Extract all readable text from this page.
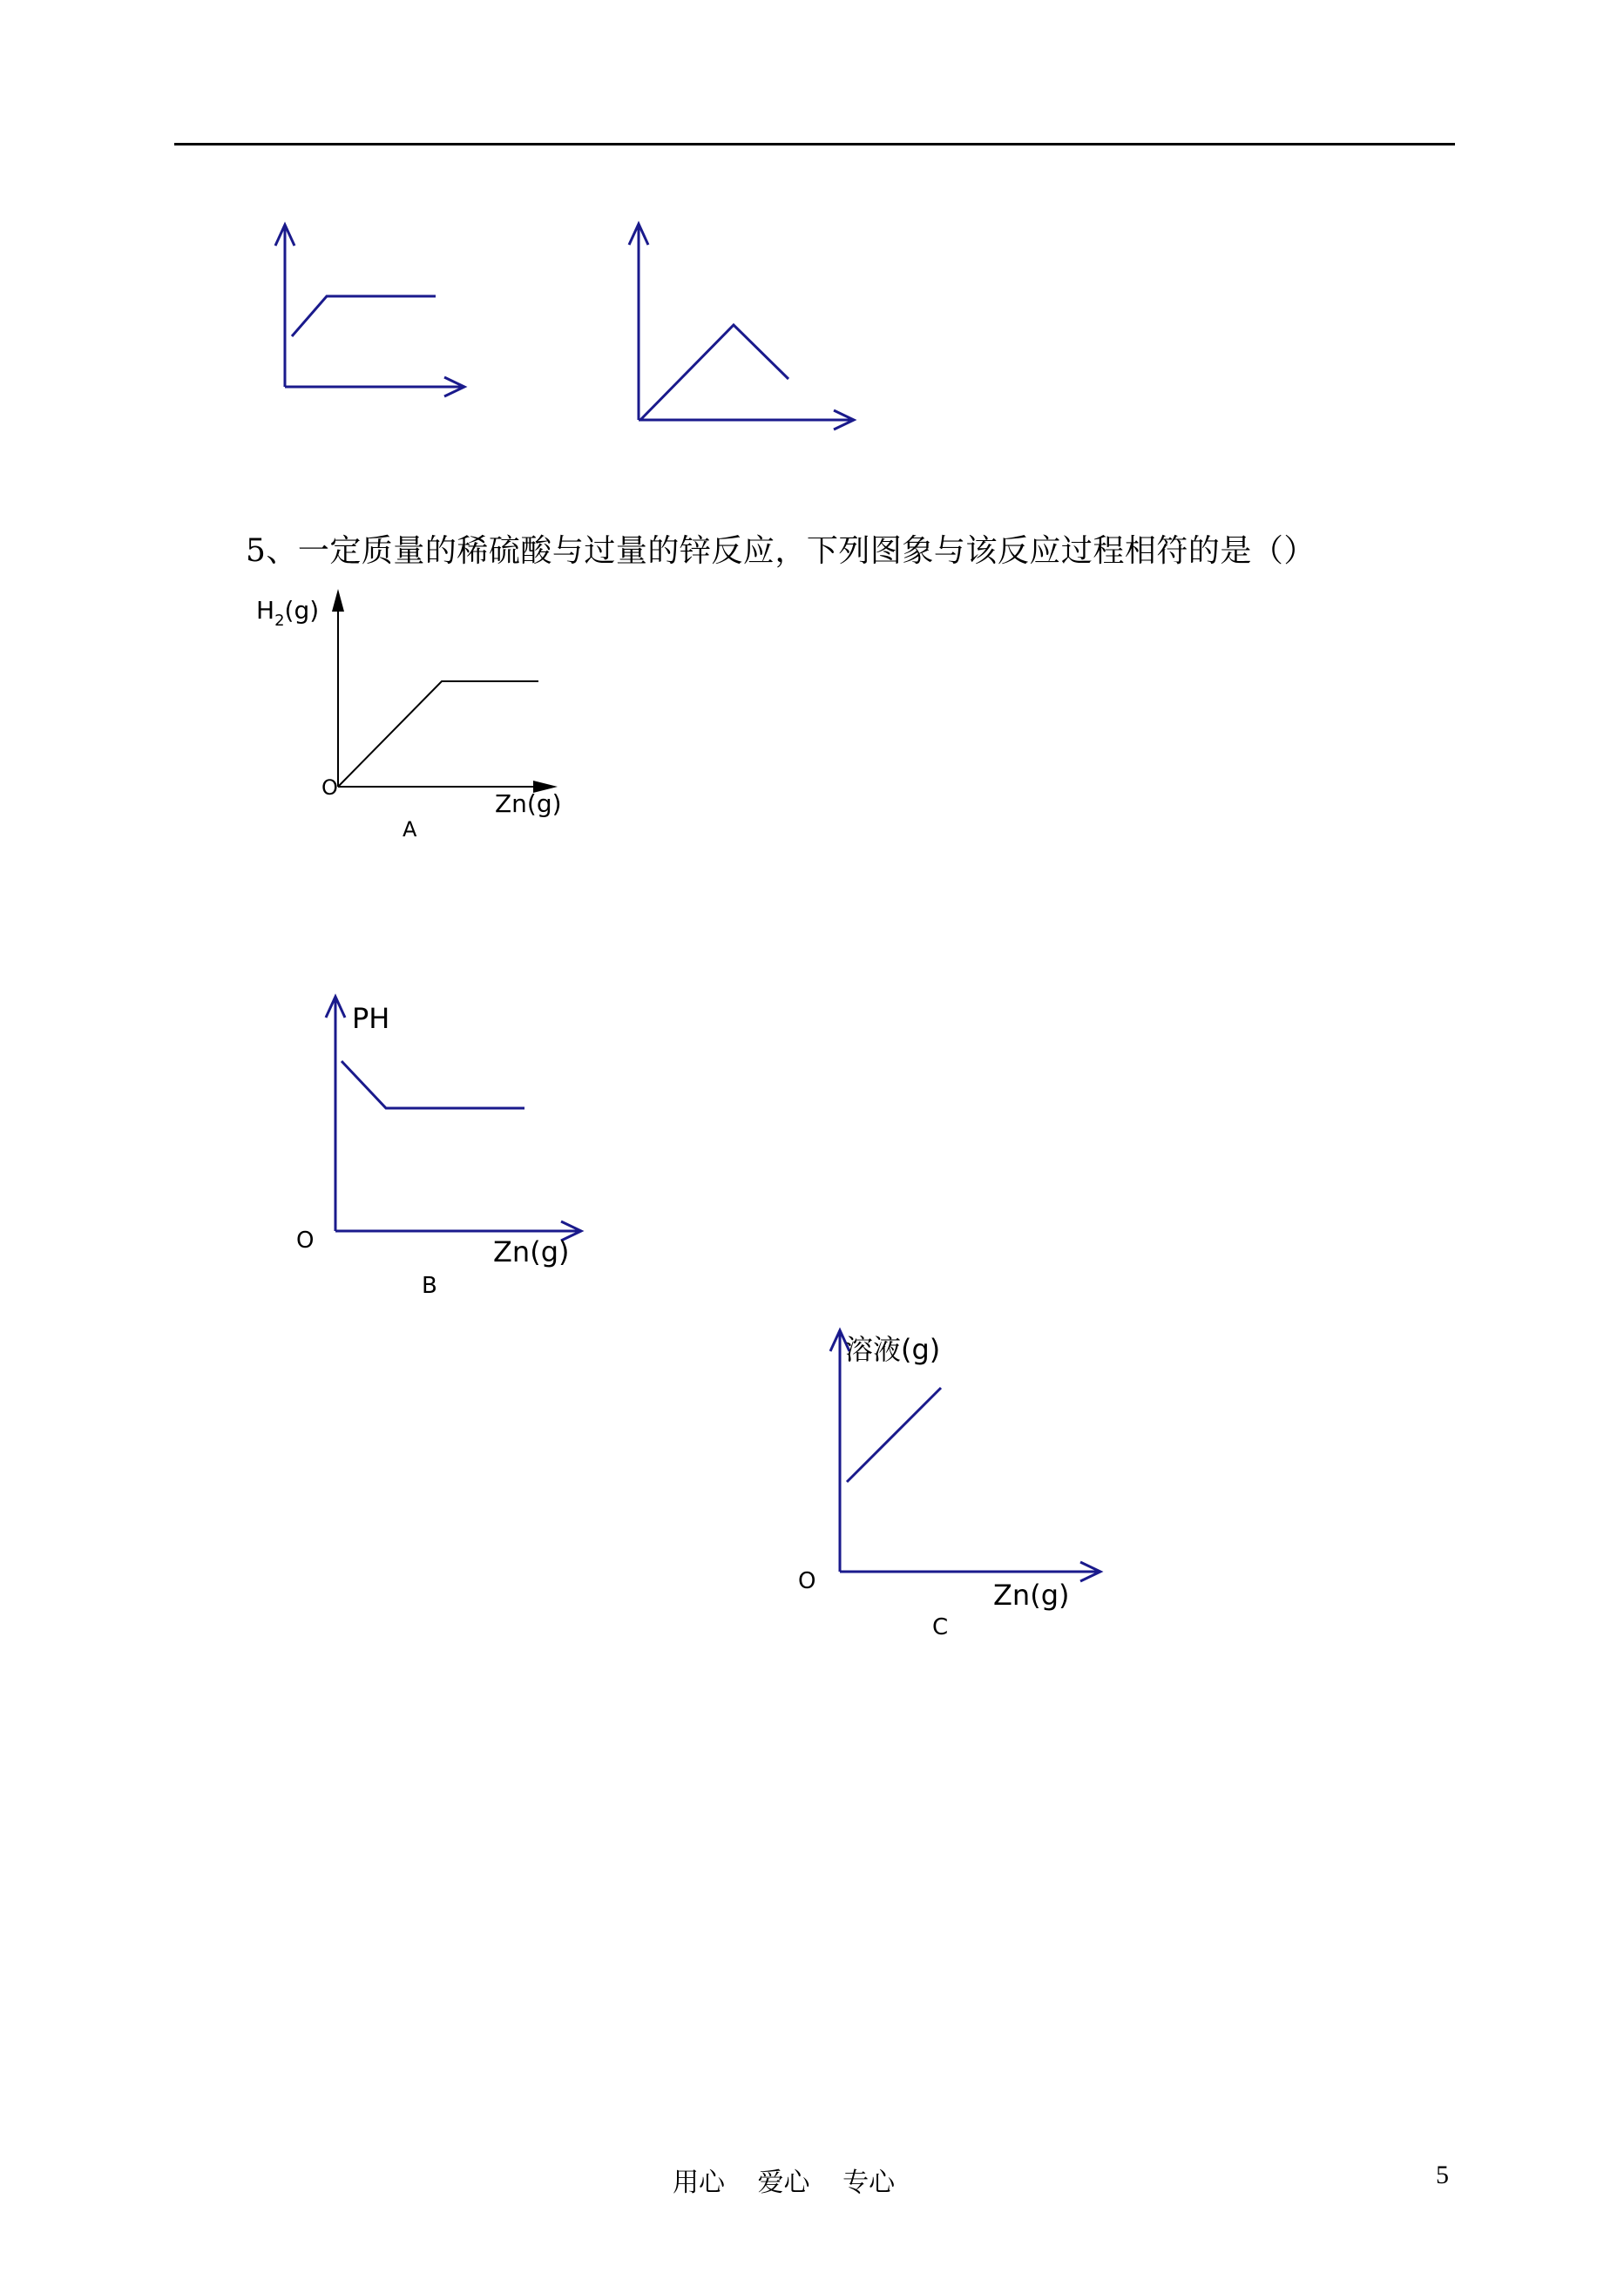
$H_2(g)$
O
Zn(g)
A
PH
O	Zn(g)
B
溶液(g)
O	Zn(g)
C
5、一定质量的稀硫酸与过量的锌反应，下列图象与该反应过程相符的是（）
用心 爱心 专心	5
